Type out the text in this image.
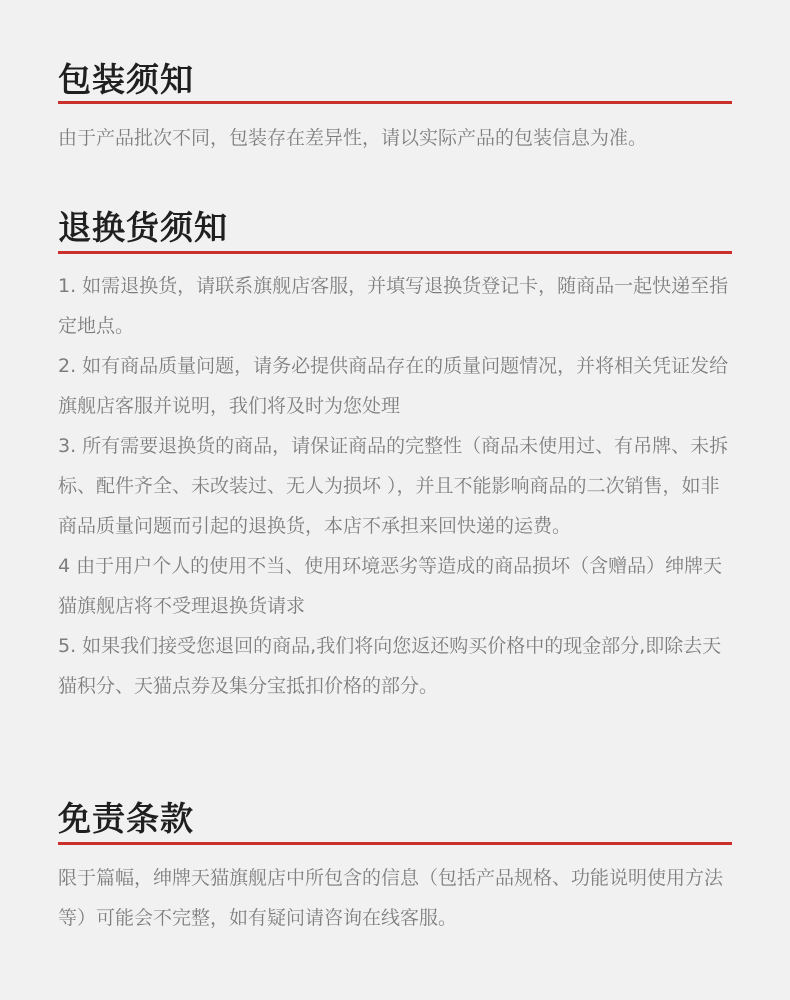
包装须知

由于产品批次不同，包装存在差异性，请以实际产品的包装信息为准。

退换货须知

1. 如需退换货，请联系旗舰店客服，并填写退换货登记卡，随商品一起快递至指定地点。

2. 如有商品质量问题，请务必提供商品存在的质量问题情况，并将相关凭证发给旗舰店客服并说明，我们将及时为您处理

3. 所有需要退换货的商品，请保证商品的完整性（商品未使用过、有吊牌、未拆标、配件齐全、未改装过、无人为损坏 ），并且不能影响商品的二次销售，如非商品质量问题而引起的退换货，本店不承担来回快递的运费。

4 由于用户个人的使用不当、使用环境恶劣等造成的商品损坏（含赠品）绅牌天猫旗舰店将不受理退换货请求

5. 如果我们接受您退回的商品,我们将向您返还购买价格中的现金部分,即除去天猫积分、天猫点券及集分宝抵扣价格的部分。

免责条款

限于篇幅，绅牌天猫旗舰店中所包含的信息（包括产品规格、功能说明使用方法等）可能会不完整，如有疑问请咨询在线客服。
